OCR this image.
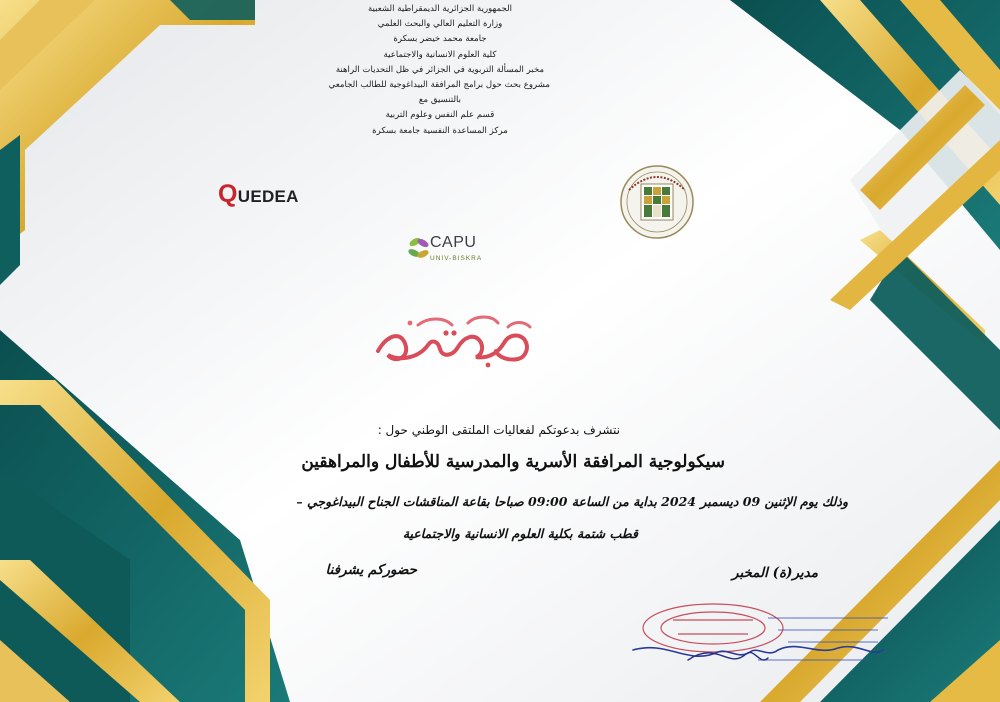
الجمهورية الجزائرية الديمقراطية الشعبية
وزارة التعليم العالي والبحث العلمي
جامعة محمد خيضر بسكرة
كلية العلوم الانسانية والاجتماعية
مخبر المسألة التربوية في الجزائر في ظل التحديات الراهنة
مشروع بحث حول برامج المرافقة البيداغوجية للطالب الجامعي
بالتنسيق مع
قسم علم النفس وعلوم التربية
مركز المساعدة النفسية جامعة بسكرة
QUEDEA
CAPU
UNIV-BISKRA
نتشرف بدعوتكم لفعاليات الملتقى الوطني حول :
سيكولوجية المرافقة الأسرية والمدرسية للأطفال والمراهقين
وذلك يوم الإثنين 09 ديسمبر 2024 بداية من الساعة 09:00 صباحا بقاعة المناقشات الجناح البيداغوجي –
قطب شتمة بكلية العلوم الانسانية والاجتماعية
حضوركم يشرفنا	مدير(ة) المخبر
